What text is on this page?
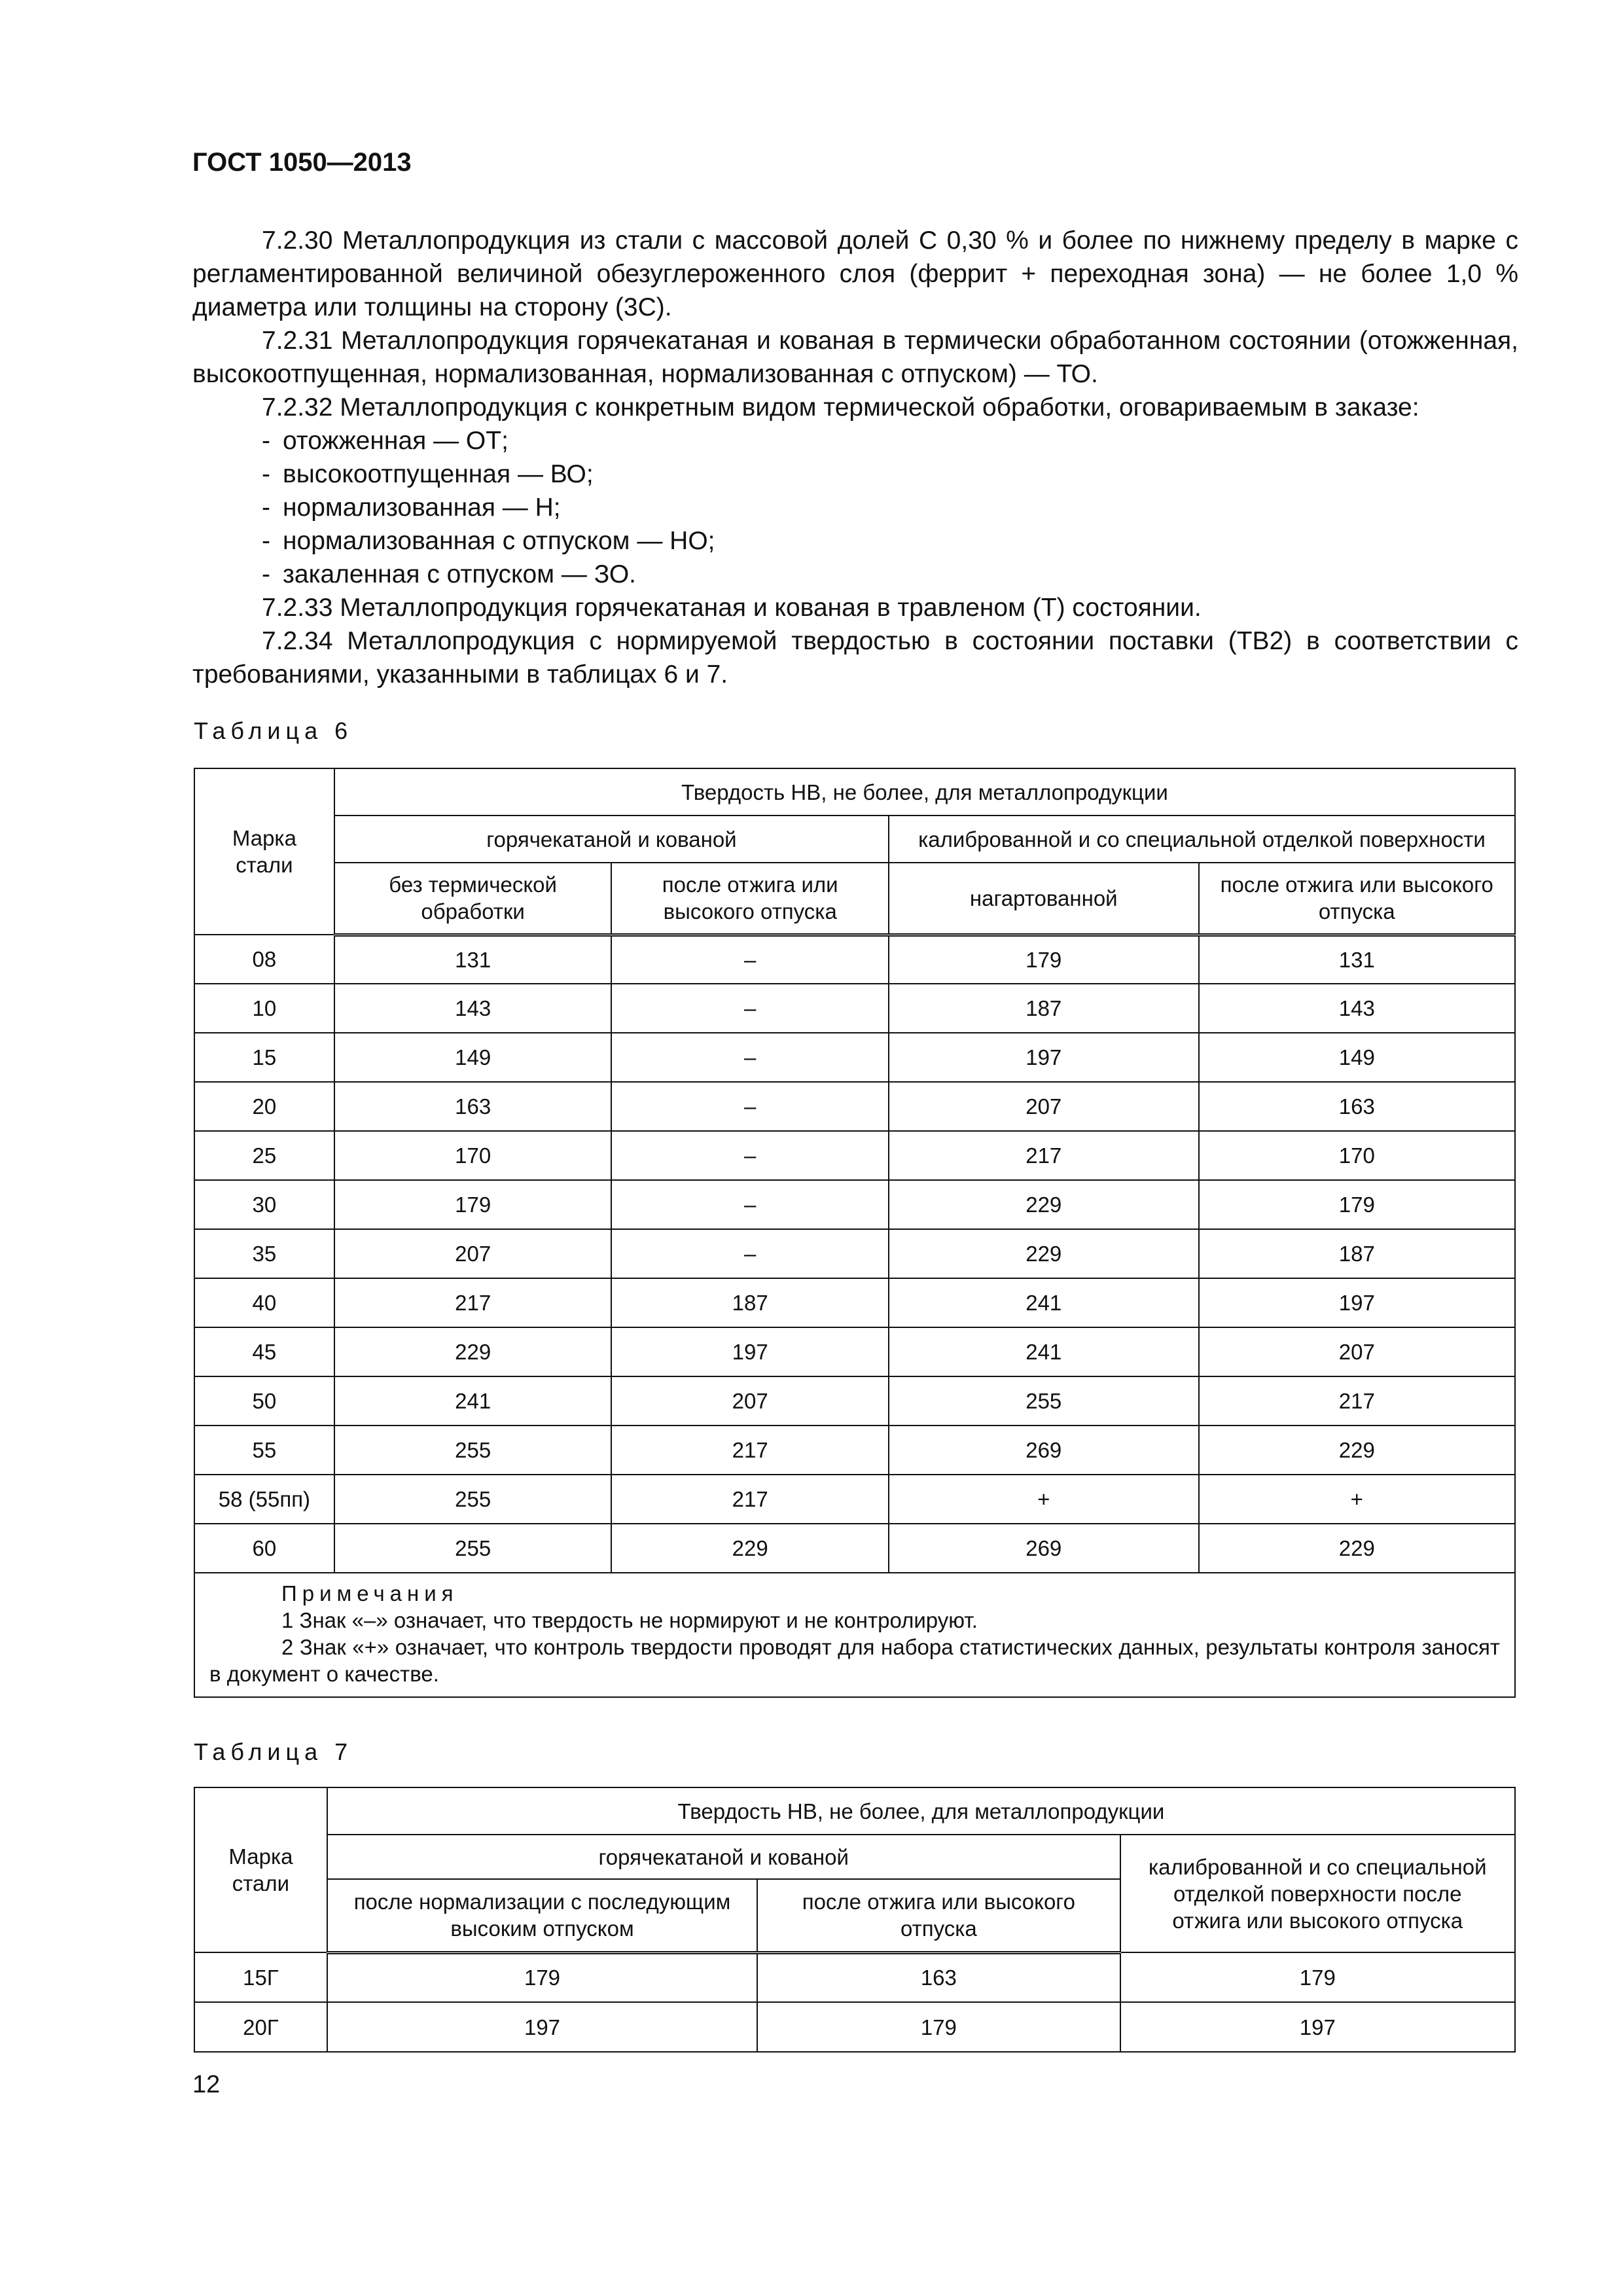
ГОСТ 1050—2013

7.2.30 Металлопродукция из стали с массовой долей С 0,30 % и более по нижнему пределу в марке с регламентированной величиной обезуглероженного слоя (феррит + переходная зона) — не более 1,0 % диаметра или толщины на сторону (3С).

7.2.31 Металлопродукция горячекатаная и кованая в термически обработанном состоянии (отожженная, высокоотпущенная, нормализованная, нормализованная с отпуском) — ТО.

7.2.32 Металлопродукция с конкретным видом термической обработки, оговариваемым в заказе:

- отожженная — ОТ;

- высокоотпущенная — ВО;

- нормализованная — Н;

- нормализованная с отпуском — НО;

- закаленная с отпуском — ЗО.

7.2.33 Металлопродукция горячекатаная и кованая в травленом (Т) состоянии.

7.2.34 Металлопродукция с нормируемой твердостью в состоянии поставки (ТВ2) в соответствии с требованиями, указанными в таблицах 6 и 7.

Таблица 6
Марка стали	Твердость НВ, не более, для металлопродукции			
	горячекатаной и кованой		калиброванной и со специальной отделкой поверхности	
	без термической обработки	после отжига или высокого отпуска	нагартованной	после отжига или высокого отпуска
08	131	–	179	131
10	143	–	187	143
15	149	–	197	149
20	163	–	207	163
25	170	–	217	170
30	179	–	229	179
35	207	–	229	187
40	217	187	241	197
45	229	197	241	207
50	241	207	255	217
55	255	217	269	229
58 (55пп)	255	217	+	+
60	255	229	269	229

Примечания
1 Знак «–» означает, что твердость не нормируют и не контролируют.
2 Знак «+» означает, что контроль твердости проводят для набора статистических данных, результаты контроля заносят в документ о качестве.				
Таблица 7
Марка стали	Твердость НВ, не более, для металлопродукции		
	горячекатаной и кованой		калиброванной и со специальной отделкой поверхности после отжига или высокого отпуска
	после нормализации с последующим высоким отпуском	после отжига или высокого отпуска	
15Г	179	163	179
20Г	197	179	197
12
